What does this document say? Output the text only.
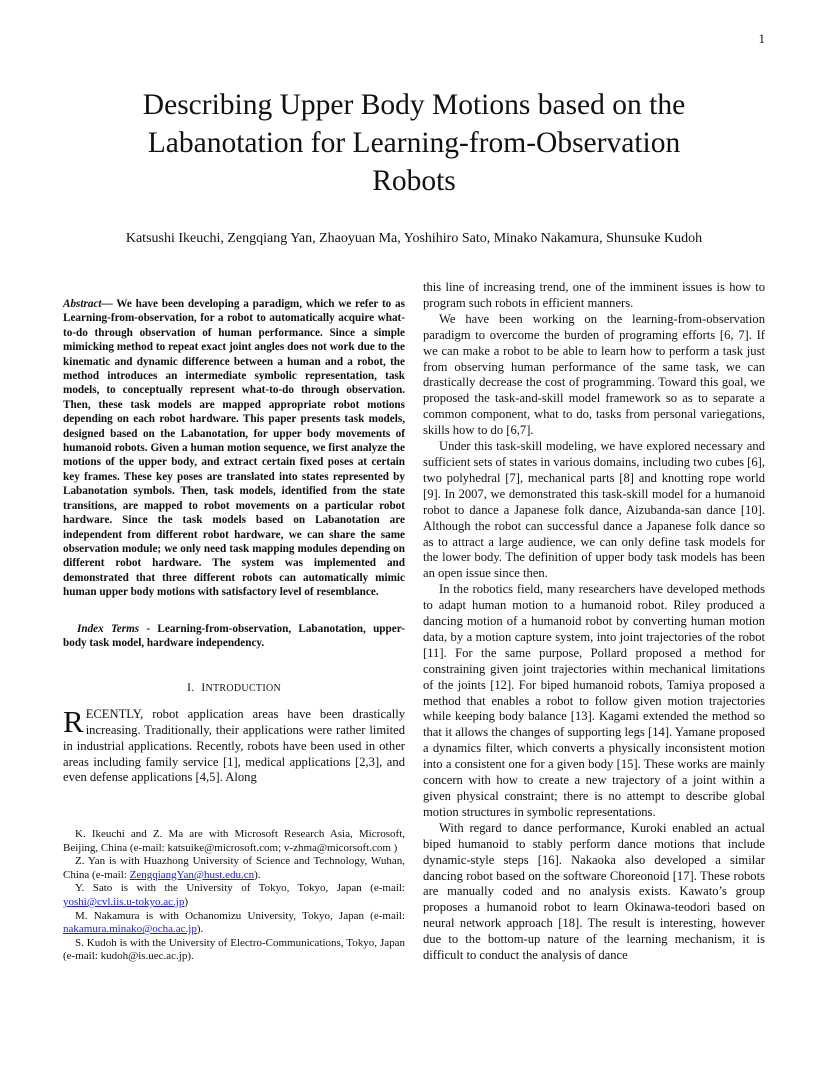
1
Describing Upper Body Motions based on the
Labanotation for Learning-from-Observation
Robots
Katsushi Ikeuchi, Zengqiang Yan, Zhaoyuan Ma, Yoshihiro Sato, Minako Nakamura, Shunsuke Kudoh

Abstract— We have been developing a paradigm, which we refer to as Learning-from-observation, for a robot to automatically acquire what-to-do through observation of human performance. Since a simple mimicking method to repeat exact joint angles does not work due to the kinematic and dynamic difference between a human and a robot, the method introduces an intermediate symbolic representation, task models, to conceptually represent what-to-do through observation. Then, these task models are mapped appropriate robot motions depending on each robot hardware. This paper presents task models, designed based on the Labanotation, for upper body movements of humanoid robots. Given a human motion sequence, we first analyze the motions of the upper body, and extract certain fixed poses at certain key frames. These key poses are translated into states represented by Labanotation symbols. Then, task models, identified from the state transitions, are mapped to robot movements on a particular robot hardware. Since the task models based on Labanotation are independent from different robot hardware, we can share the same observation module; we only need task mapping modules depending on different robot hardware. The system was implemented and demonstrated that three different robots can automatically mimic human upper body motions with satisfactory level of resemblance.

Index Terms - Learning-from-observation, Labanotation, upper-body task model, hardware independency.

I. INTRODUCTION

RECENTLY, robot application areas have been drastically increasing. Traditionally, their applications were rather limited in industrial applications. Recently, robots have been used in other areas including family service [1], medical applications [2,3], and even defense applications [4,5]. Along

K. Ikeuchi and Z. Ma are with Microsoft Research Asia, Microsoft, Beijing, China (e-mail: katsuike@microsoft.com; v-zhma@micorsoft.com )

Z. Yan is with Huazhong University of Science and Technology, Wuhan, China (e-mail: ZengqiangYan@hust.edu.cn).

Y. Sato is with the University of Tokyo, Tokyo, Japan (e-mail: yoshi@cvl.iis.u-tokyo.ac.jp)

M. Nakamura is with Ochanomizu University, Tokyo, Japan (e-mail: nakamura.minako@ocha.ac.jp).

S. Kudoh is with the University of Electro-Communications, Tokyo, Japan (e-mail: kudoh@is.uec.ac.jp).

this line of increasing trend, one of the imminent issues is how to program such robots in efficient manners.

We have been working on the learning-from-observation paradigm to overcome the burden of programing efforts [6, 7]. If we can make a robot to be able to learn how to perform a task just from observing human performance of the same task, we can drastically decrease the cost of programming. Toward this goal, we proposed the task-and-skill model framework so as to separate a common component, what to do, tasks from personal variegations, skills how to do [6,7].

Under this task-skill modeling, we have explored necessary and sufficient sets of states in various domains, including two cubes [6], two polyhedral [7], mechanical parts [8] and knotting rope world [9]. In 2007, we demonstrated this task-skill model for a humanoid robot to dance a Japanese folk dance, Aizubanda-san dance [10]. Although the robot can successful dance a Japanese folk dance so as to attract a large audience, we can only define task models for the lower body. The definition of upper body task models has been an open issue since then.

In the robotics field, many researchers have developed methods to adapt human motion to a humanoid robot. Riley produced a dancing motion of a humanoid robot by converting human motion data, by a motion capture system, into joint trajectories of the robot [11]. For the same purpose, Pollard proposed a method for constraining given joint trajectories within mechanical limitations of the joints [12]. For biped humanoid robots, Tamiya proposed a method that enables a robot to follow given motion trajectories while keeping body balance [13]. Kagami extended the method so that it allows the changes of supporting legs [14]. Yamane proposed a dynamics filter, which converts a physically inconsistent motion into a consistent one for a given body [15]. These works are mainly concern with how to create a new trajectory of a joint within a given physical constraint; there is no attempt to describe global motion structures in symbolic representations.

With regard to dance performance, Kuroki enabled an actual biped humanoid to stably perform dance motions that include dynamic-style steps [16]. Nakaoka also developed a similar dancing robot based on the software Choreonoid [17]. These robots are manually coded and no analysis exists. Kawato’s group proposes a humanoid robot to learn Okinawa-teodori based on neural network approach [18]. The result is interesting, however due to the bottom-up nature of the learning mechanism, it is difficult to conduct the analysis of dance
